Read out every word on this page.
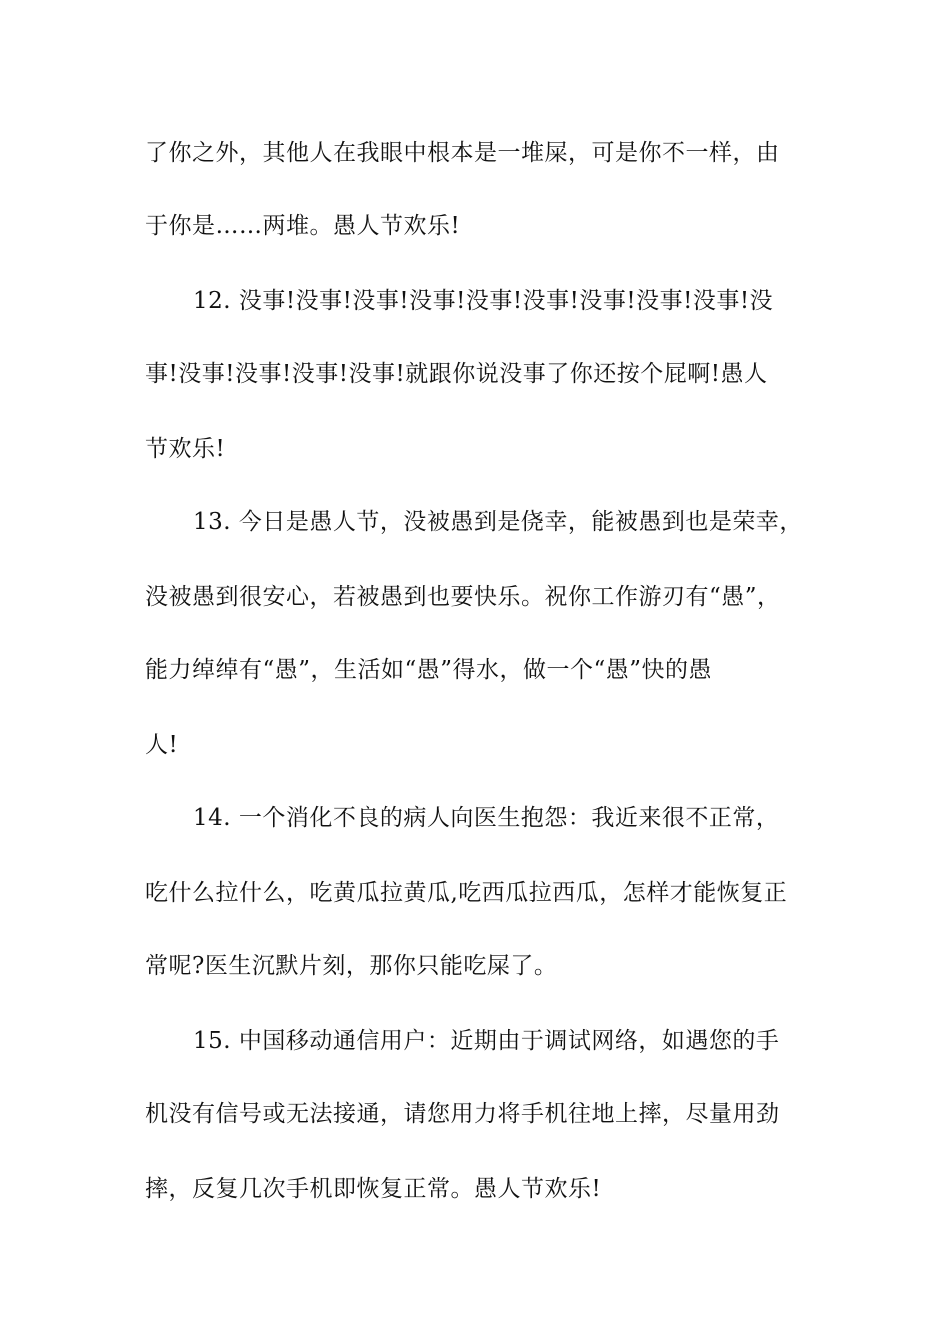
了你之外，其他人在我眼中根本是一堆屎，可是你不一样，由
于你是……两堆。愚人节欢乐!
12. 没事!没事!没事!没事!没事!没事!没事!没事!没事!没
事!没事!没事!没事!没事!就跟你说没事了你还按个屁啊!愚人
节欢乐!
13. 今日是愚人节，没被愚到是侥幸，能被愚到也是荣幸，
没被愚到很安心，若被愚到也要快乐。祝你工作游刃有“愚”，
能力绰绰有“愚”，生活如“愚”得水，做一个“愚”快的愚
人!
14. 一个消化不良的病人向医生抱怨：我近来很不正常，
吃什么拉什么，吃黄瓜拉黄瓜,吃西瓜拉西瓜，怎样才能恢复正
常呢?医生沉默片刻，那你只能吃屎了。
15. 中国移动通信用户：近期由于调试网络，如遇您的手
机没有信号或无法接通，请您用力将手机往地上摔，尽量用劲
摔，反复几次手机即恢复正常。愚人节欢乐!
